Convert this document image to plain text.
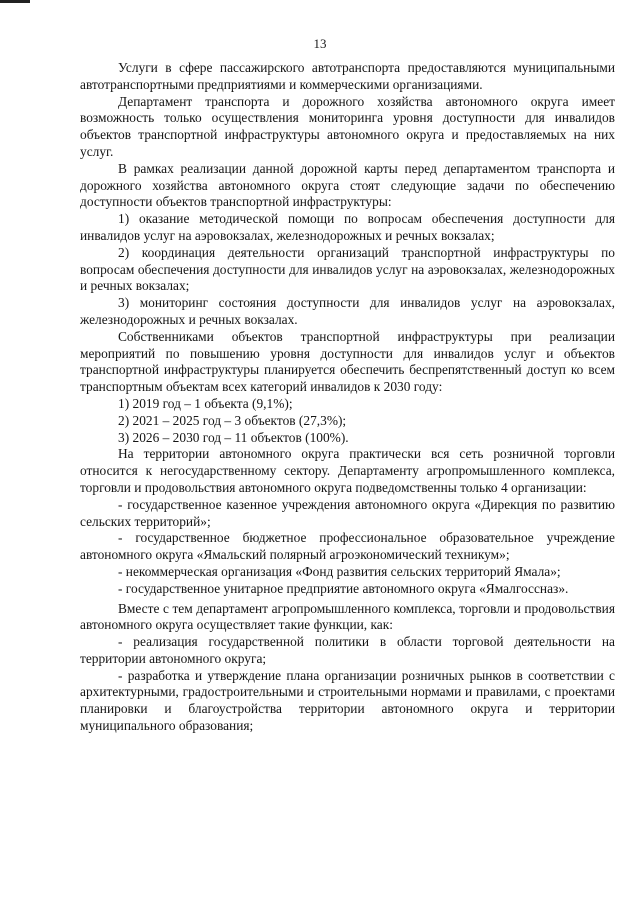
13

Услуги в сфере пассажирского автотранспорта предоставляются муниципальными автотранспортными предприятиями и коммерческими организациями.

Департамент транспорта и дорожного хозяйства автономного округа имеет возможность только осуществления мониторинга уровня доступности для инвалидов объектов транспортной инфраструктуры автономного округа и предоставляемых на них услуг.

В рамках реализации данной дорожной карты перед департаментом транспорта и дорожного хозяйства автономного округа стоят следующие задачи по обеспечению доступности объектов транспортной инфраструктуры:

1) оказание методической помощи по вопросам обеспечения доступности для инвалидов услуг на аэровокзалах, железнодорожных и речных вокзалах;

2) координация деятельности организаций транспортной инфраструктуры по вопросам обеспечения доступности для инвалидов услуг на аэровокзалах, железнодорожных и речных вокзалах;

3) мониторинг состояния доступности для инвалидов услуг на аэровокзалах, железнодорожных и речных вокзалах.

Собственниками объектов транспортной инфраструктуры при реализации мероприятий по повышению уровня доступности для инвалидов услуг и объектов транспортной инфраструктуры планируется обеспечить беспрепятственный доступ ко всем транспортным объектам всех категорий инвалидов к 2030 году:

1) 2019 год – 1 объекта (9,1%);

2) 2021 – 2025 год – 3 объектов (27,3%);

3) 2026 – 2030 год – 11 объектов (100%).

На территории автономного округа практически вся сеть розничной торговли относится к негосударственному сектору. Департаменту агропромышленного комплекса, торговли и продовольствия автономного округа подведомственны только 4 организации:

- государственное казенное учреждения автономного округа «Дирекция по развитию сельских территорий»;

- государственное бюджетное профессиональное образовательное учреждение автономного округа «Ямальский полярный агроэкономический техникум»;

- некоммерческая организация «Фонд развития сельских территорий Ямала»;

- государственное унитарное предприятие автономного округа «Ямалгоссназ».

Вместе с тем департамент агропромышленного комплекса, торговли и продовольствия автономного округа осуществляет такие функции, как:

- реализация государственной политики в области торговой деятельности на территории автономного округа;

- разработка и утверждение плана организации розничных рынков в соответствии с архитектурными, градостроительными и строительными нормами и правилами, с проектами планировки и благоустройства территории автономного округа и территории муниципального образования;
